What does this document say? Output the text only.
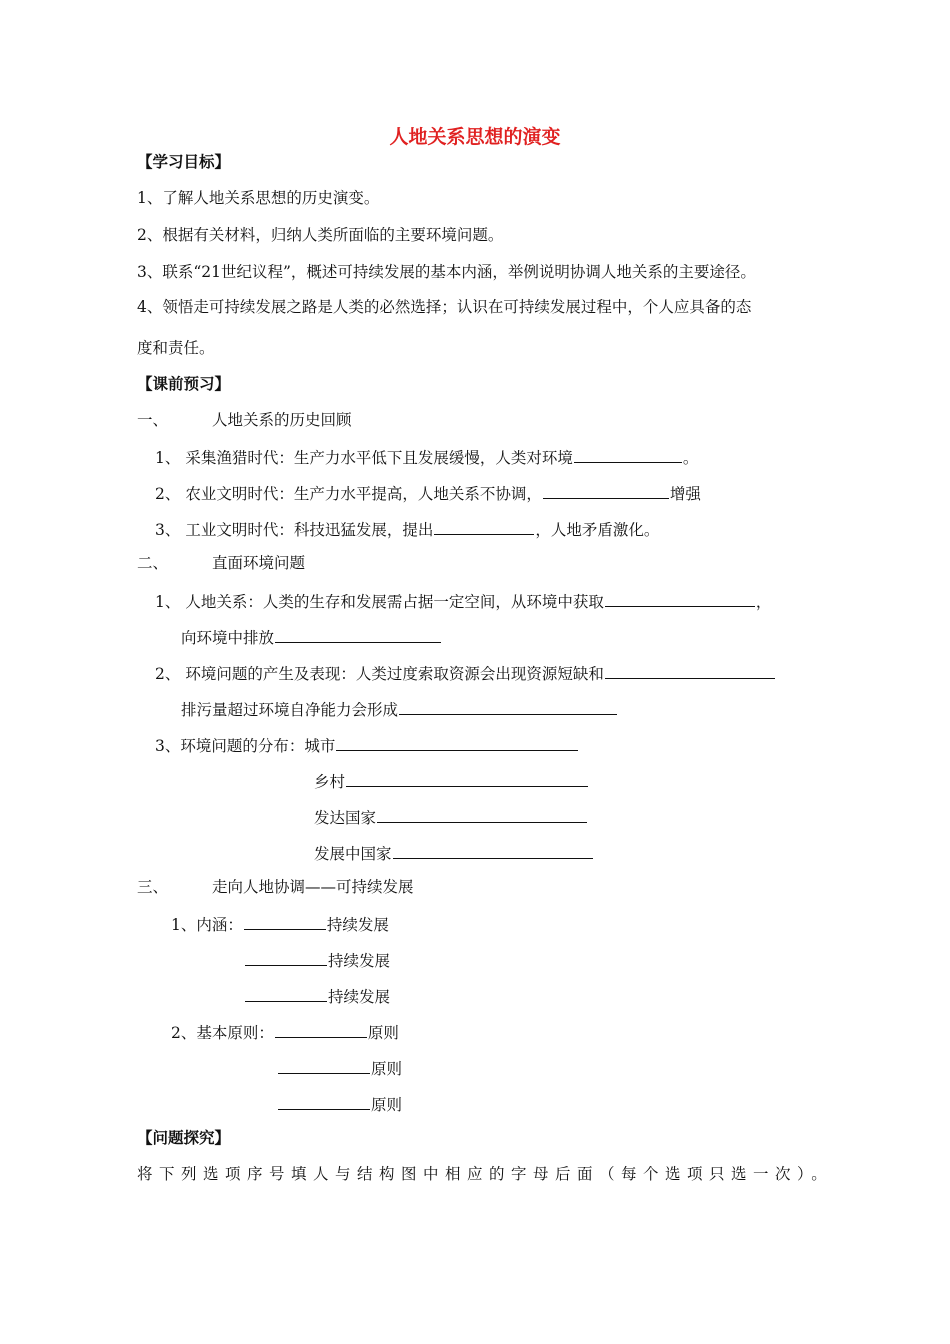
人地关系思想的演变
【学习目标】
1、了解人地关系思想的历史演变。
2、根据有关材料，归纳人类所面临的主要环境问题。
3、联系“21世纪议程”，概述可持续发展的基本内涵，举例说明协调人地关系的主要途径。
4、领悟走可持续发展之路是人类的必然选择；认识在可持续发展过程中，个人应具备的态
度和责任。
【课前预习】
一、	人地关系的历史回顾
1、 采集渔猎时代：生产力水平低下且发展缓慢，人类对环境	。
2、 农业文明时代：生产力水平提高，人地关系不协调，	增强
3、 工业文明时代：科技迅猛发展，提出	，人地矛盾激化。
二、	直面环境问题
1、 人地关系：人类的生存和发展需占据一定空间，从环境中获取	，
向环境中排放
2、 环境问题的产生及表现：人类过度索取资源会出现资源短缺和
排污量超过环境自净能力会形成
3、环境问题的分布：城市
乡村
发达国家
发展中国家
三、	走向人地协调——可持续发展
1、内涵：	持续发展
持续发展
持续发展
2、基本原则：	原则
原则
原则
【问题探究】
将下列选项序号填人与结构图中相应的字母后面（每个选项只选一次）。
